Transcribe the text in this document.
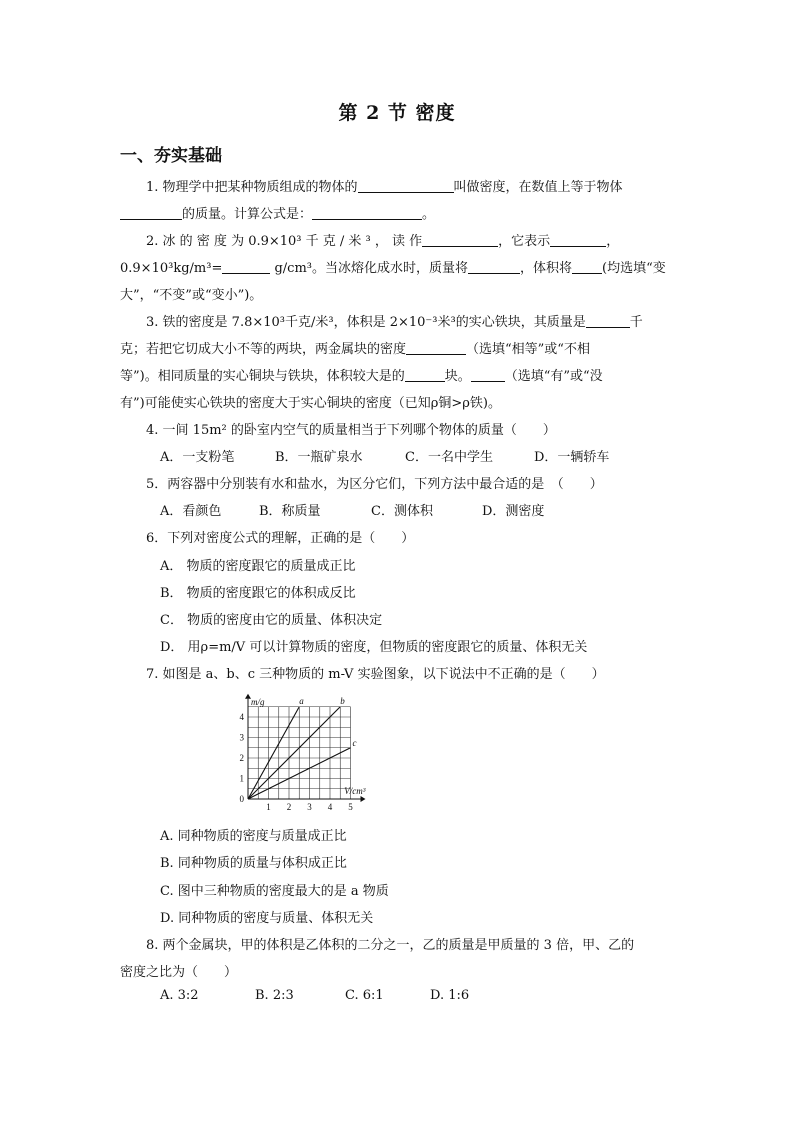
第 2 节 密度
一、夯实基础
1. 物理学中把某种物质组成的物体的	叫做密度，在数值上等于物体
的质量。计算公式是：	。
2. 冰 的 密 度 为 0.9×10³ 千 克 / 米 ³ ， 读 作	，它表示	，
0.9×10³kg/m³=	g/cm³。当冰熔化成水时，质量将	，体积将 (均选填“变
大”，“不变”或“变小”)。
3. 铁的密度是 7.8×10³千克/米³，体积是 2×10⁻³米³的实心铁块，其质量是	千
克；若把它切成大小不等的两块，两金属块的密度	（选填“相等”或“不相
等”)。相同质量的实心铜块与铁块，体积较大是的	块。	（选填“有”或“没
有”)可能使实心铁块的密度大于实心铜块的密度（已知ρ铜>ρ铁)。
4. 一间 15m² 的卧室内空气的质量相当于下列哪个物体的质量（　　）
A．一支粉笔	B．一瓶矿泉水	C．一名中学生	D．一辆轿车
5．两容器中分别装有水和盐水，为区分它们，下列方法中最合适的是　（　　）
A．看颜色	B．称质量	C．测体积	D．测密度
6．下列对密度公式的理解，正确的是（　　）
A． 物质的密度跟它的质量成正比
B． 物质的密度跟它的体积成反比
C． 物质的密度由它的质量、体积决定
D． 用ρ=m/V 可以计算物质的密度，但物质的密度跟它的质量、体积无关
7. 如图是 a、b、c 三种物质的 m-V 实验图象，以下说法中不正确的是（　　）
a	b
c
1 2 3 4 5
1
2
3
4
0
m/g
V/cm³
A. 同种物质的密度与质量成正比
B. 同种物质的质量与体积成正比
C. 图中三种物质的密度最大的是 a 物质
D. 同种物质的密度与质量、体积无关
8. 两个金属块，甲的体积是乙体积的二分之一，乙的质量是甲质量的 3 倍，甲、乙的
密度之比为（　　）
A. 3:2	B. 2:3	C. 6:1	D. 1:6
